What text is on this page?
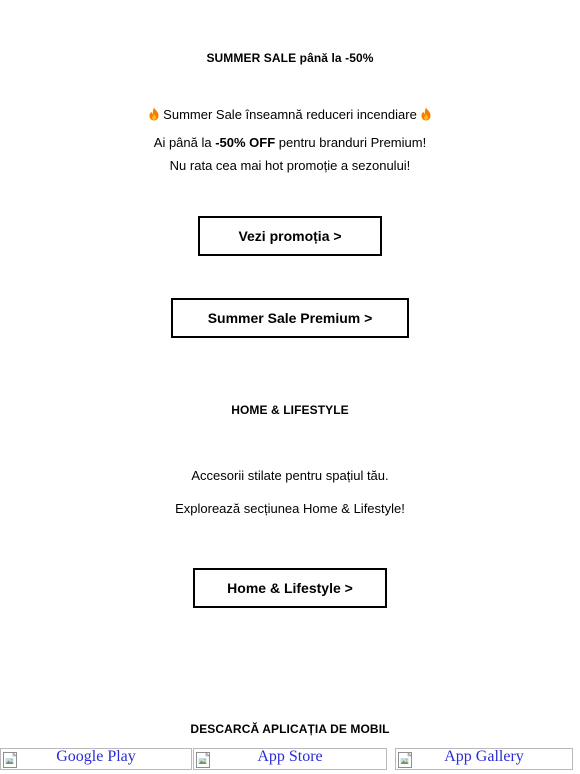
SUMMER SALE până la -50%
Summer Sale înseamnă reduceri incendiare
Ai până la -50% OFF pentru branduri Premium!
Nu rata cea mai hot promoție a sezonului!
Vezi promoția >
Summer Sale Premium >
HOME & LIFESTYLE
Accesorii stilate pentru spațiul tău.
Explorează secțiunea Home & Lifestyle!
Home & Lifestyle >
DESCARCĂ APLICAȚIA DE MOBIL
Google Play	App Store	App Gallery
